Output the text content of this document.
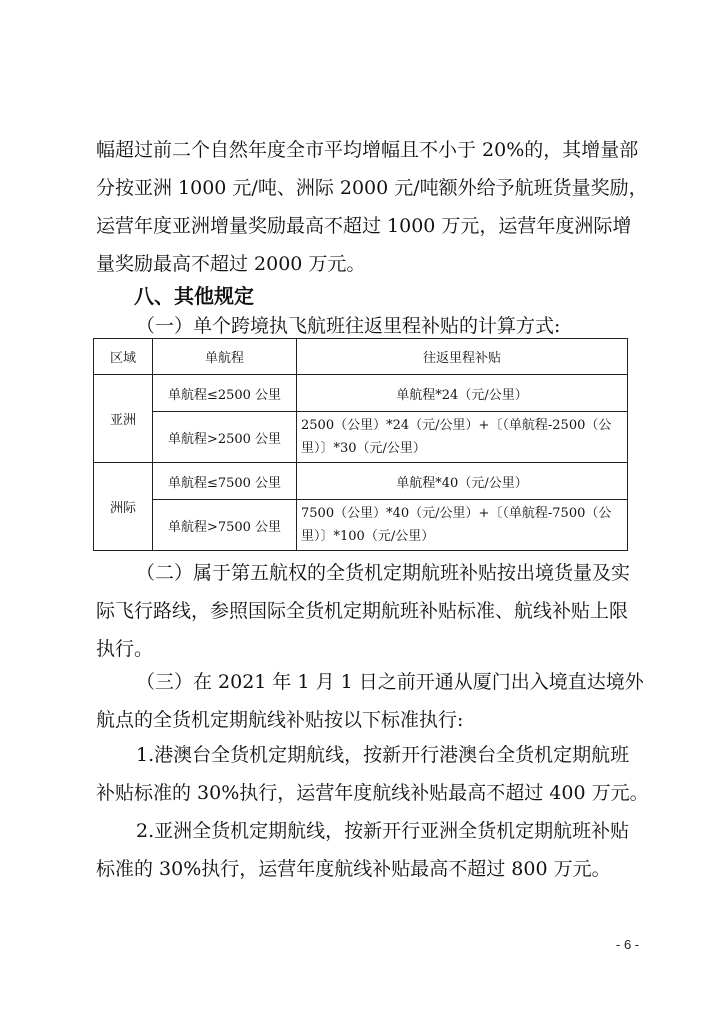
幅超过前二个自然年度全市平均增幅且不小于 20%的，其增量部
分按亚洲 1000 元/吨、洲际 2000 元/吨额外给予航班货量奖励，
运营年度亚洲增量奖励最高不超过 1000 万元，运营年度洲际增
量奖励最高不超过 2000 万元。
八、其他规定
（一）单个跨境执飞航班往返里程补贴的计算方式:
区域	单航程	往返里程补贴
亚洲	单航程≤2500 公里	单航程*24（元/公里）
	单航程>2500 公里	2500（公里）*24（元/公里）+〔（单航程-2500（公里）〕*30（元/公里）
洲际	单航程≤7500 公里	单航程*40（元/公里）
	单航程>7500 公里	7500（公里）*40（元/公里）+〔（单航程-7500（公里）〕*100（元/公里）
（二）属于第五航权的全货机定期航班补贴按出境货量及实
际飞行路线，参照国际全货机定期航班补贴标准、航线补贴上限
执行。
（三）在 2021 年 1 月 1 日之前开通从厦门出入境直达境外
航点的全货机定期航线补贴按以下标准执行:
1.港澳台全货机定期航线，按新开行港澳台全货机定期航班
补贴标准的 30%执行，运营年度航线补贴最高不超过 400 万元。
2.亚洲全货机定期航线，按新开行亚洲全货机定期航班补贴
标准的 30%执行，运营年度航线补贴最高不超过 800 万元。
- 6 -
